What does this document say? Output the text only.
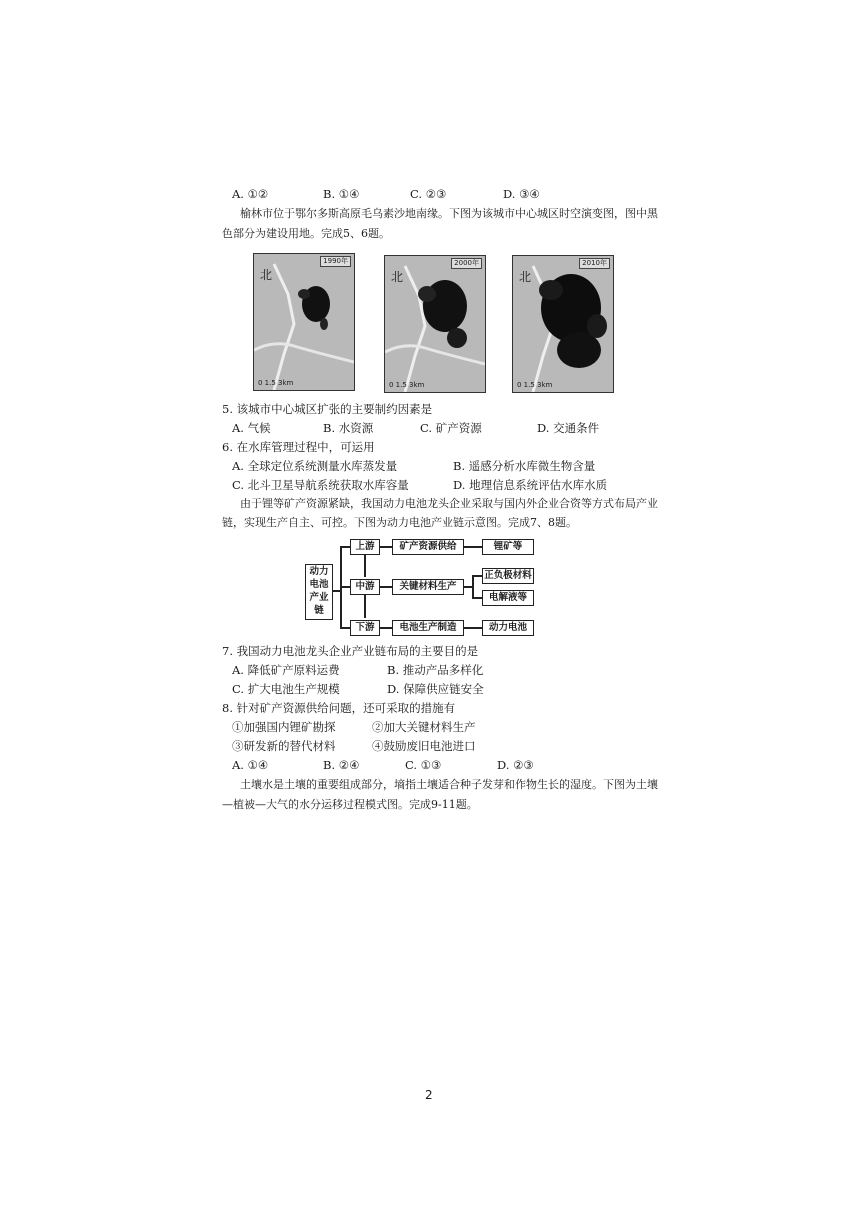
A. ①②	B. ①④	C. ②③	D. ③④
榆林市位于鄂尔多斯高原毛乌素沙地南缘。下图为该城市中心城区时空演变图，图中黑
色部分为建设用地。完成5、6题。
1990年
北
0 1.5 3km
2000年
北
0 1.5 3km
2010年
北
0 1.5 3km
5. 该城市中心城区扩张的主要制约因素是
A. 气候	B. 水资源	C. 矿产资源	D. 交通条件
6. 在水库管理过程中，可运用
A. 全球定位系统测量水库蒸发量	B. 遥感分析水库微生物含量
C. 北斗卫星导航系统获取水库容量	D. 地理信息系统评估水库水质
由于锂等矿产资源紧缺，我国动力电池龙头企业采取与国内外企业合资等方式布局产业
链，实现生产自主、可控。下图为动力电池产业链示意图。完成7、8题。
动力电池产业链
上游
中游
下游
矿产资源供给
关键材料生产
电池生产制造
锂矿等
正负极材料
电解液等
动力电池
7. 我国动力电池龙头企业产业链布局的主要目的是
A. 降低矿产原料运费	B. 推动产品多样化
C. 扩大电池生产规模	D. 保障供应链安全
8. 针对矿产资源供给问题，还可采取的措施有
①加强国内锂矿勘探	②加大关键材料生产
③研发新的替代材料	④鼓励废旧电池进口
A. ①④	B. ②④	C. ①③	D. ②③
土壤水是土壤的重要组成部分，墒指土壤适合种子发芽和作物生长的湿度。下图为土壤
—植被—大气的水分运移过程模式图。完成9-11题。
2
